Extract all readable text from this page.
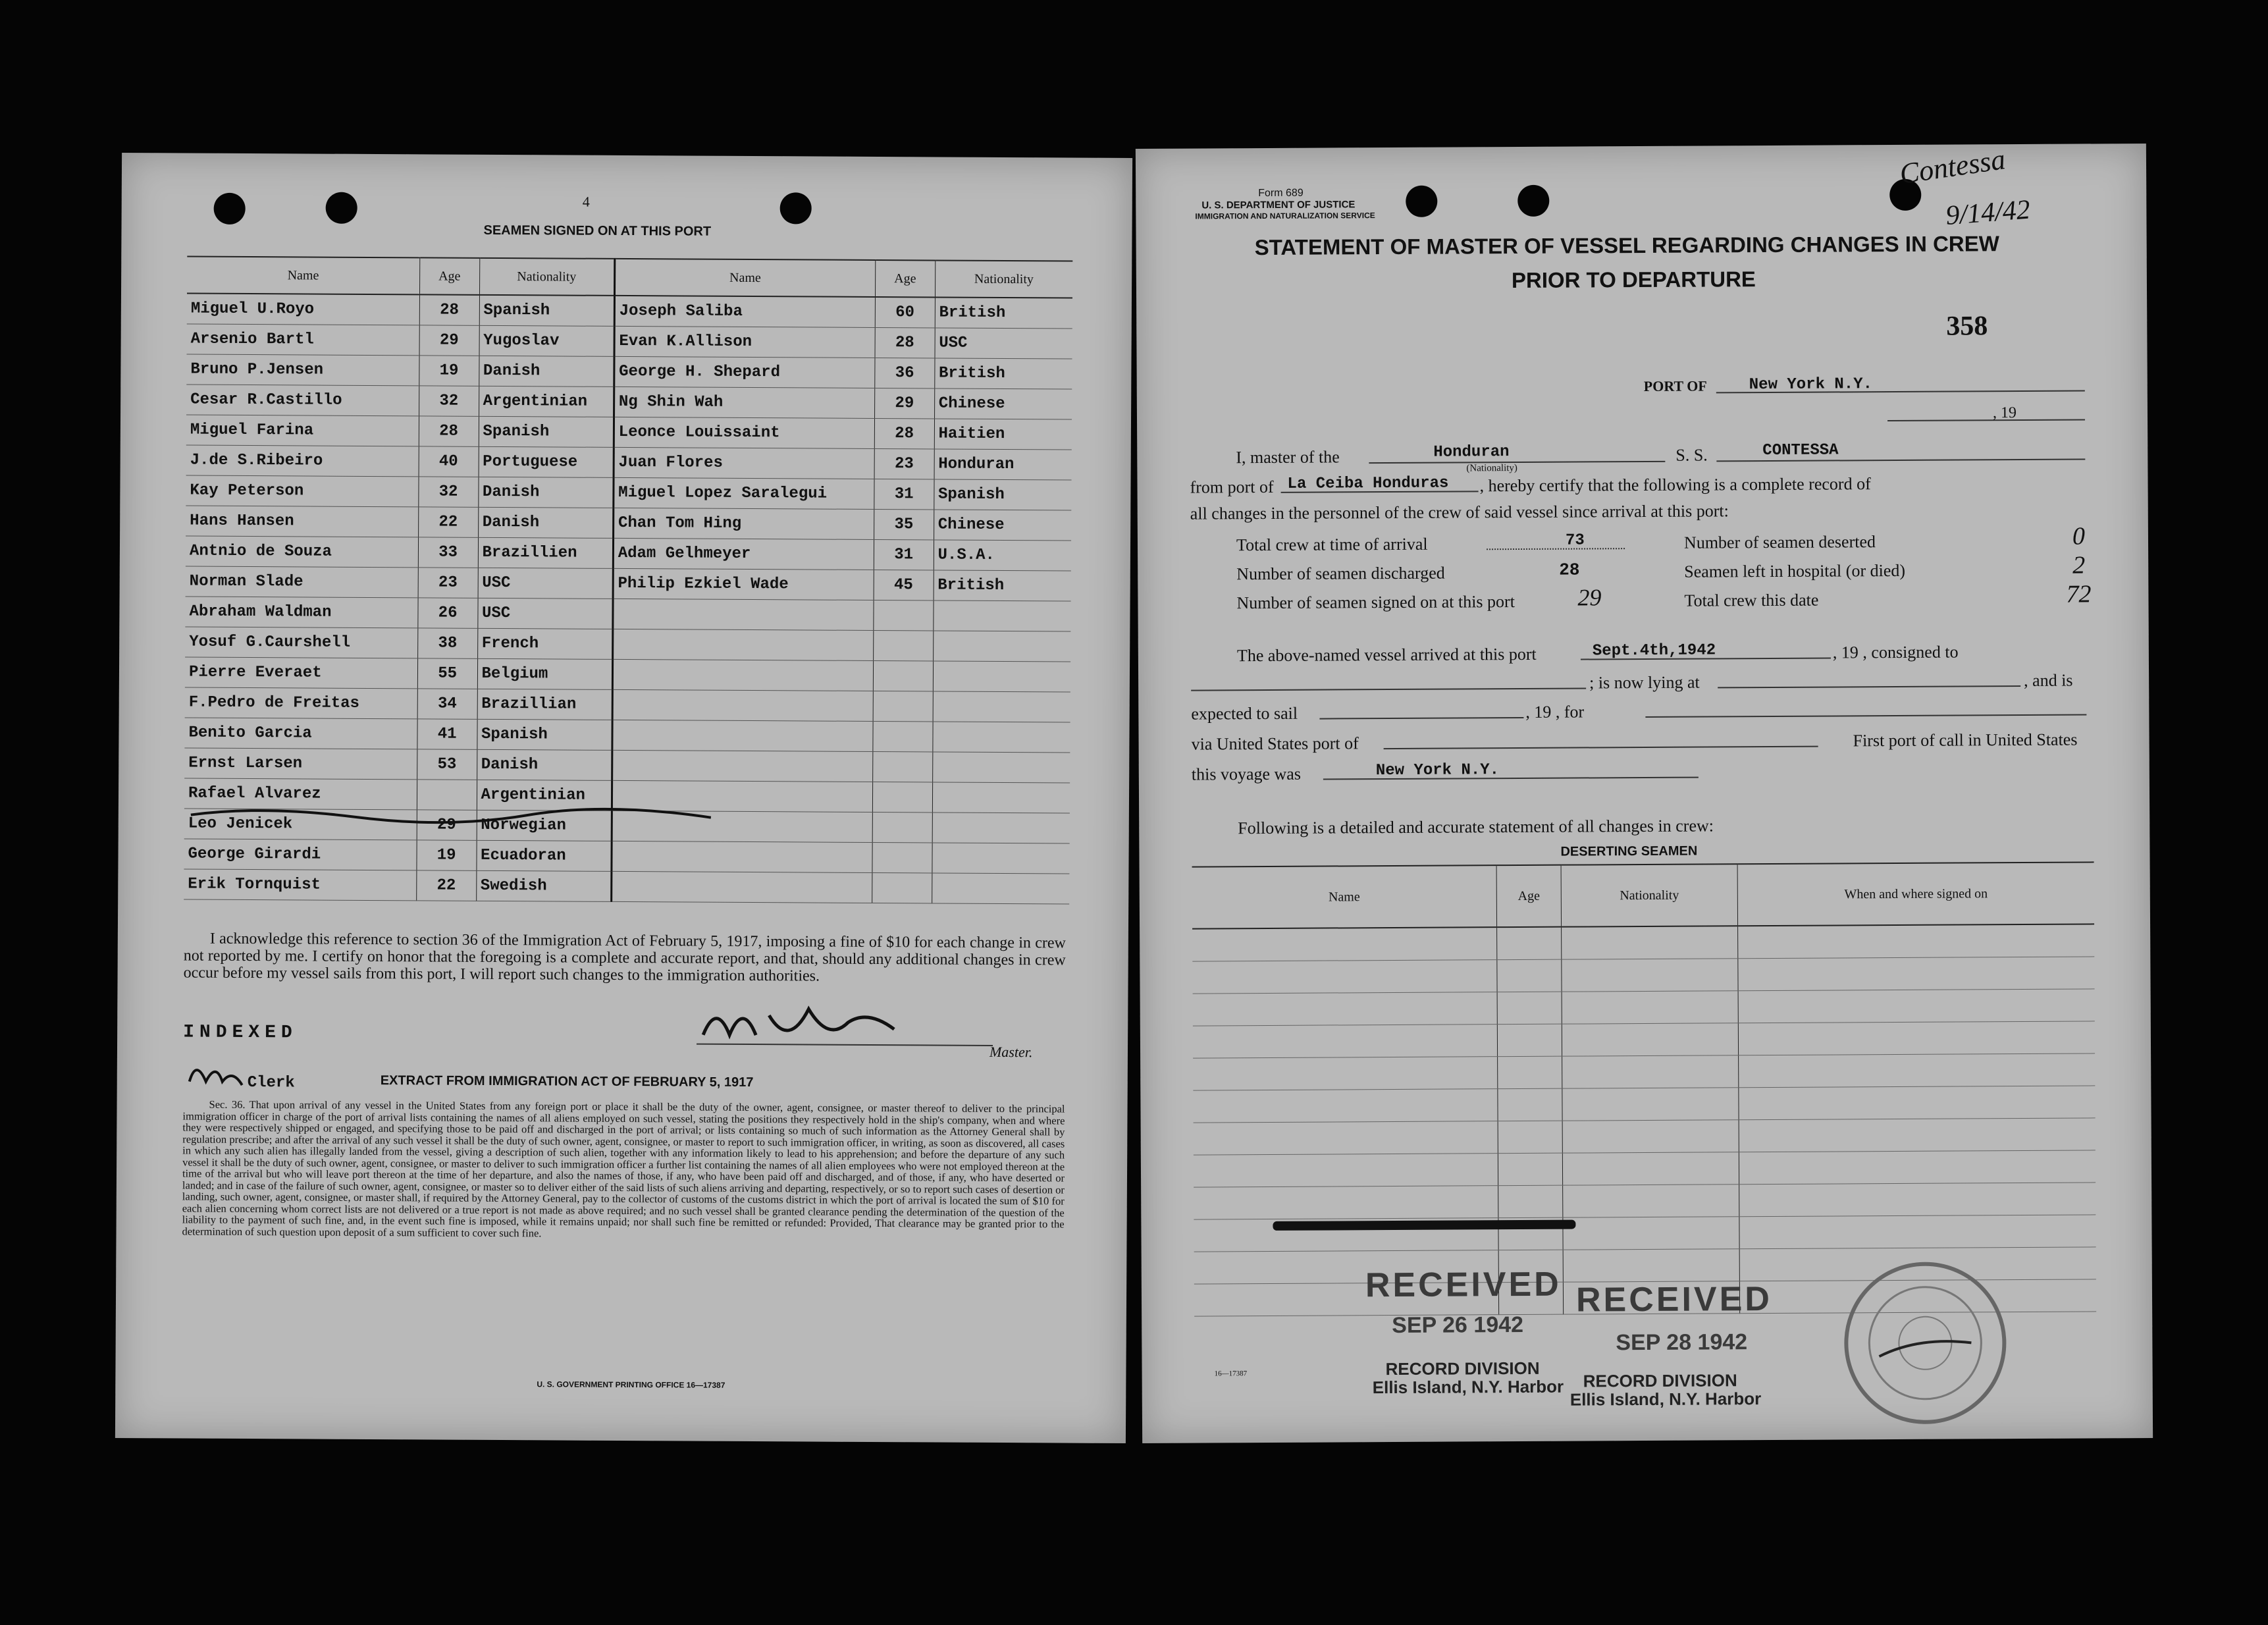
4
SEAMEN SIGNED ON AT THIS PORT
Name	Age	Nationality	Name	Age	Nationality
Miguel U.Royo	28	Spanish	Joseph Saliba	60	British
Arsenio Bartl	29	Yugoslav	Evan K.Allison	28	USC
Bruno P.Jensen	19	Danish	George H. Shepard	36	British
Cesar R.Castillo	32	Argentinian	Ng Shin Wah	29	Chinese
Miguel Farina	28	Spanish	Leonce Louissaint	28	Haitien
J.de S.Ribeiro	40	Portuguese	Juan Flores	23	Honduran
Kay Peterson	32	Danish	Miguel Lopez Saralegui	31	Spanish
Hans Hansen	22	Danish	Chan Tom Hing	35	Chinese
Antnio de Souza	33	Brazillien	Adam Gelhmeyer	31	U.S.A.
Norman Slade	23	USC	Philip Ezkiel Wade	45	British
Abraham Waldman	26	USC			
Yosuf G.Caurshell	38	French			
Pierre Everaet	55	Belgium			
F.Pedro de Freitas	34	Brazillian			
Benito Garcia	41	Spanish			
Ernst Larsen	53	Danish			
Rafael Alvarez		Argentinian			
Leo Jenicek	29	Norwegian			
George Girardi	19	Ecuadoran			
Erik Tornquist	22	Swedish			
I acknowledge this reference to section 36 of the Immigration Act of February 5, 1917, imposing a fine of $10 for each change in crew not reported by me. I certify on honor that the foregoing is a complete and accurate report, and that, should any additional changes in crew occur before my vessel sails from this port, I will report such changes to the immigration authorities.
INDEXED
Master.
Clerk	EXTRACT FROM IMMIGRATION ACT OF FEBRUARY 5, 1917
Sec. 36. That upon arrival of any vessel in the United States from any foreign port or place it shall be the duty of the owner, agent, consignee, or master thereof to deliver to the principal immigration officer in charge of the port of arrival lists containing the names of all aliens employed on such vessel, stating the positions they respectively hold in the ship's company, when and where they were respectively shipped or engaged, and specifying those to be paid off and discharged in the port of arrival; or lists containing so much of such information as the Attorney General shall by regulation prescribe; and after the arrival of any such vessel it shall be the duty of such owner, agent, consignee, or master to report to such immigration officer, in writing, as soon as discovered, all cases in which any such alien has illegally landed from the vessel, giving a description of such alien, together with any information likely to lead to his apprehension; and before the departure of any such vessel it shall be the duty of such owner, agent, consignee, or master to deliver to such immigration officer a further list containing the names of all alien employees who were not employed thereon at the time of the arrival but who will leave port thereon at the time of her departure, and also the names of those, if any, who have been paid off and discharged, and of those, if any, who have deserted or landed; and in case of the failure of such owner, agent, consignee, or master so to deliver either of the said lists of such aliens arriving and departing, respectively, or so to report such cases of desertion or landing, such owner, agent, consignee, or master shall, if required by the Attorney General, pay to the collector of customs of the customs district in which the port of arrival is located the sum of $10 for each alien concerning whom correct lists are not delivered or a true report is not made as above required; and no such vessel shall be granted clearance pending the determination of the question of the liability to the payment of such fine, and, in the event such fine is imposed, while it remains unpaid; nor shall such fine be remitted or refunded: Provided, That clearance may be granted prior to the determination of such question upon deposit of a sum sufficient to cover such fine.
U. S. GOVERNMENT PRINTING OFFICE 16—17387
Form 689
U. S. DEPARTMENT OF JUSTICE
IMMIGRATION AND NATURALIZATION SERVICE
Contessa
9/14/42
STATEMENT OF MASTER OF VESSEL REGARDING CHANGES IN CREW
PRIOR TO DEPARTURE
358
PORT OF	New York N.Y.
, 19
I, master of the	Honduran
(Nationality)
S. S.	CONTESSA
from port of La Ceiba Honduras , hereby certify that the following is a complete record of
all changes in the personnel of the crew of said vessel since arrival at this port:
Total crew at time of arrival	73	Number of seamen deserted	0
Number of seamen discharged	28	Seamen left in hospital (or died)	2
Number of seamen signed on at this port	29	Total crew this date	72
The above-named vessel arrived at this port	Sept.4th,1942	, 19 , consigned to
; is now lying at	, and is
expected to sail	, 19 , for
via United States port of	First port of call in United States
this voyage was	New York N.Y.
Following is a detailed and accurate statement of all changes in crew:
DESERTING SEAMEN
Name	Age	Nationality	When and where signed on

RECEIVED RECEIVED
SEP 26 1942
SEP 28 1942
16—17387	RECORD DIVISION
Ellis Island, N.Y. Harbor RECORD DIVISION
Ellis Island, N.Y. Harbor
